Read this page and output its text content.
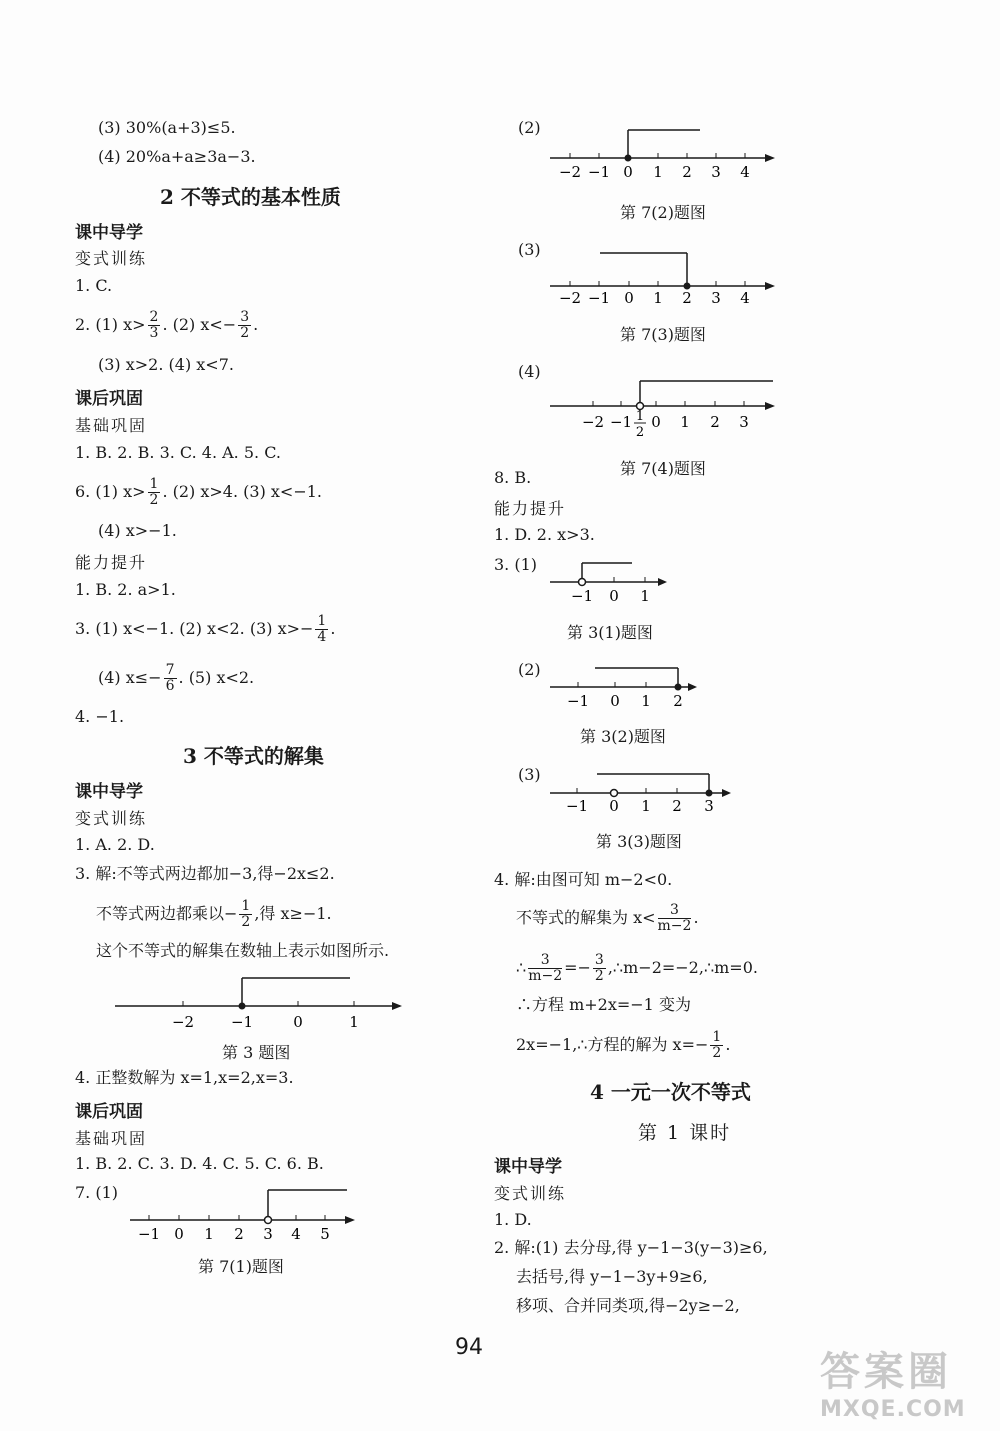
(3) 30%(a+3)≤5.
(4) 20%a+a≥3a−3.
2 不等式的基本性质
课中导学
变式训练
1. C.
2. (1) $x> \frac{2}{3}$ . (2) $x<- \frac{3}{2}$ .
(3) x>2. (4) x<7.
课后巩固
基础巩固
1. B. 2. B. 3. C. 4. A. 5. C.
6. (1) $x> \frac{1}{2}$ . (2) x>4. (3) x<−1.
(4) x>−1.
能力提升
1. B. 2. a>1.
3. (1) x<−1. (2) x<2. (3) $x>- \frac{1}{4}$ .
(4) $x\le- \frac{7}{6}$ . (5) x<2.
4. −1.
3 不等式的解集
课中导学
变式训练
1. A. 2. D.
3. 解:不等式两边都加−3,得−2x≤2.
不等式两边都乘以− $\frac{1}{2}$ ,得 x≥−1.
这个不等式的解集在数轴上表示如图所示.
−2 −1	0	1
第 3 题图
4. 正整数解为 x=1,x=2,x=3.
课后巩固
基础巩固
1. B. 2. C. 3. D. 4. C. 5. C. 6. B.
7. (1)
−1 0 1 2 3 4 5
第 7(1)题图
(2)
−2 −1 0 1 2 3 4
第 7(2)题图
(3)
−2 −1 0 1 2 3 4
第 7(3)题图
(4)
−2 −1 1
2
0 1 2 3
第 7(4)题图
8. B.
能力提升
1. D. 2. x>3.
3. (1)
−1 0 1
第 3(1)题图
(2)
−1 0 1 2
第 3(2)题图
(3)
−1 0 1 2 3
第 3(3)题图
4. 解:由图可知 m−2<0.
不等式的解集为 $x< \frac{3}{m-2}$ .
∴ $\frac{3}{m-2} =- \frac{3}{2}$ ,∴m−2=−2,∴m=0.
∴方程 m+2x=−1 变为
2x=−1,∴方程的解为 $x=- \frac{1}{2}$ .
4 一元一次不等式
第 1 课时
课中导学
变式训练
1. D.
2. 解:(1) 去分母,得 y−1−3(y−3)≥6,
去括号,得 y−1−3y+9≥6,
移项、合并同类项,得−2y≥−2,
94
答案圈
MXQE.COM
